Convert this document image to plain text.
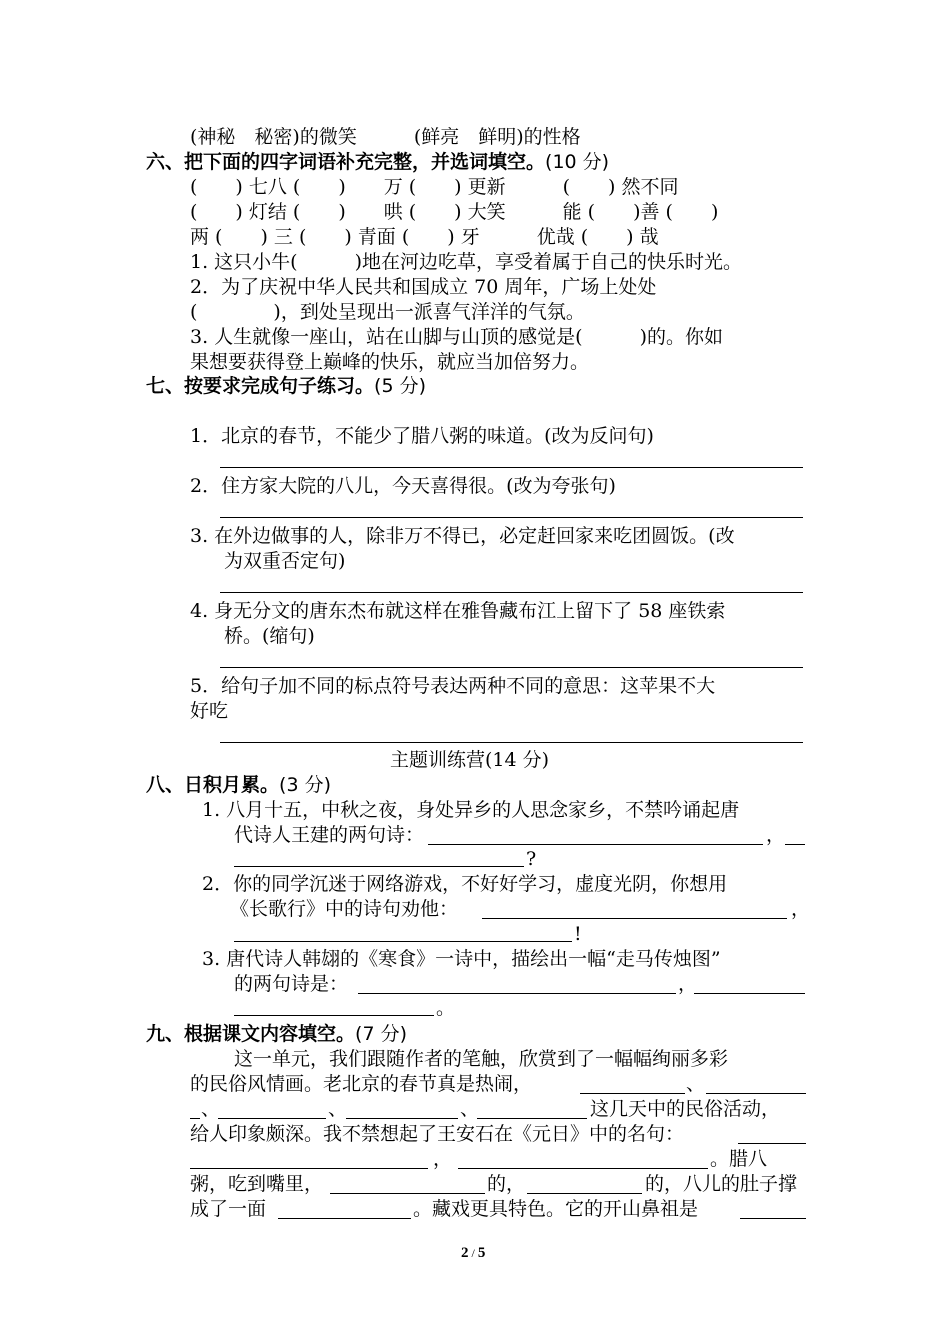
(神秘　秘密)的微笑　　　(鲜亮　鲜明)的性格
六、把下面的四字词语补充完整，并选词填空。(10 分)
(　　) 七八 (　　)　　万 (　　) 更新　　　(　　) 然不同
(　　) 灯结 (　　)　　哄 (　　) 大笑　　　能 (　　)善 (　　)
两 (　　) 三 (　　) 青面 (　　) 牙　　　优哉 (　　) 哉
1. 这只小牛(　　　)地在河边吃草，享受着属于自己的快乐时光。
2．为了庆祝中华人民共和国成立 70 周年，广场上处处
(　　　　)，到处呈现出一派喜气洋洋的气氛。
3. 人生就像一座山，站在山脚与山顶的感觉是(　　　)的。你如
果想要获得登上巅峰的快乐，就应当加倍努力。
七、按要求完成句子练习。(5 分)
1．北京的春节，不能少了腊八粥的味道。(改为反问句)
2．住方家大院的八儿，今天喜得很。(改为夸张句)
3. 在外边做事的人，除非万不得已，必定赶回家来吃团圆饭。(改
为双重否定句)
4. 身无分文的唐东杰布就这样在雅鲁藏布江上留下了 58 座铁索
桥。(缩句)
5．给句子加不同的标点符号表达两种不同的意思：这苹果不大
好吃
主题训练营(14 分)
八、日积月累。(3 分)
1. 八月十五，中秋之夜，身处异乡的人思念家乡，不禁吟诵起唐
代诗人王建的两句诗：	，
?
2．你的同学沉迷于网络游戏，不好好学习，虚度光阴，你想用
《长歌行》中的诗句劝他：	，
!
3. 唐代诗人韩翃的《寒食》一诗中，描绘出一幅“走马传烛图”
的两句诗是：	，
。
九、根据课文内容填空。(7 分)
这一单元，我们跟随作者的笔触，欣赏到了一幅幅绚丽多彩
的民俗风情画。老北京的春节真是热闹，	、
、	、	、	这几天中的民俗活动，
给人印象颇深。我不禁想起了王安石在《元日》中的名句：
，	。腊八
粥，吃到嘴里，	的，	的，八儿的肚子撑
成了一面	。藏戏更具特色。它的开山鼻祖是
2 / 5
